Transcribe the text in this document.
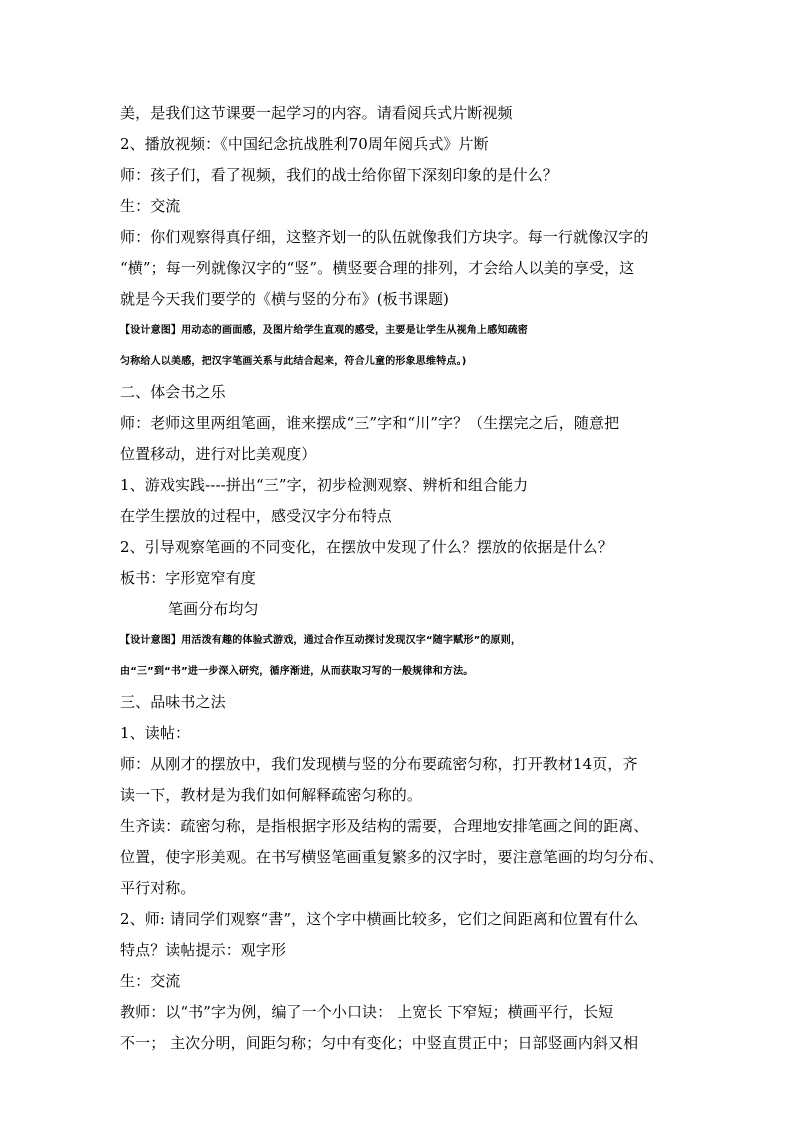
美，是我们这节课要一起学习的内容。请看阅兵式片断视频

2、播放视频：《中国纪念抗战胜利70周年阅兵式》片断

师：孩子们，看了视频，我们的战士给你留下深刻印象的是什么？

生：交流

师：你们观察得真仔细，这整齐划一的队伍就像我们方块字。每一行就像汉字的

“横”；每一列就像汉字的“竖”。横竖要合理的排列，才会给人以美的享受，这

就是今天我们要学的《横与竖的分布》(板书课题)

【设计意图】用动态的画面感，及图片给学生直观的感受，主要是让学生从视角上感知疏密

匀称给人以美感，把汉字笔画关系与此结合起来，符合儿童的形象思维特点。)

二、体会书之乐

师：老师这里两组笔画，谁来摆成“三”字和“川”字？（生摆完之后，随意把

位置移动，进行对比美观度）

1、游戏实践----拼出“三”字，初步检测观察、辨析和组合能力

在学生摆放的过程中，感受汉字分布特点

2、引导观察笔画的不同变化，在摆放中发现了什么？摆放的依据是什么？

板书：字形宽窄有度

笔画分布均匀

【设计意图】用活泼有趣的体验式游戏，通过合作互动探讨发现汉字“随字赋形”的原则，

由“三”到“书”进一步深入研究，循序渐进，从而获取习写的一般规律和方法。

三、品味书之法

1、读帖：

师：从刚才的摆放中，我们发现横与竖的分布要疏密匀称，打开教材14页，齐

读一下，教材是为我们如何解释疏密匀称的。

生齐读：疏密匀称，是指根据字形及结构的需要，合理地安排笔画之间的距离、

位置，使字形美观。在书写横竖笔画重复繁多的汉字时，要注意笔画的均匀分布、

平行对称。

2、师: 请同学们观察“書”，这个字中横画比较多，它们之间距离和位置有什么

特点？读帖提示：观字形

生：交流

教师：以“书”字为例，编了一个小口诀： 上宽长 下窄短；横画平行，长短

不一； 主次分明，间距匀称；匀中有变化；中竖直贯正中；日部竖画内斜又相
